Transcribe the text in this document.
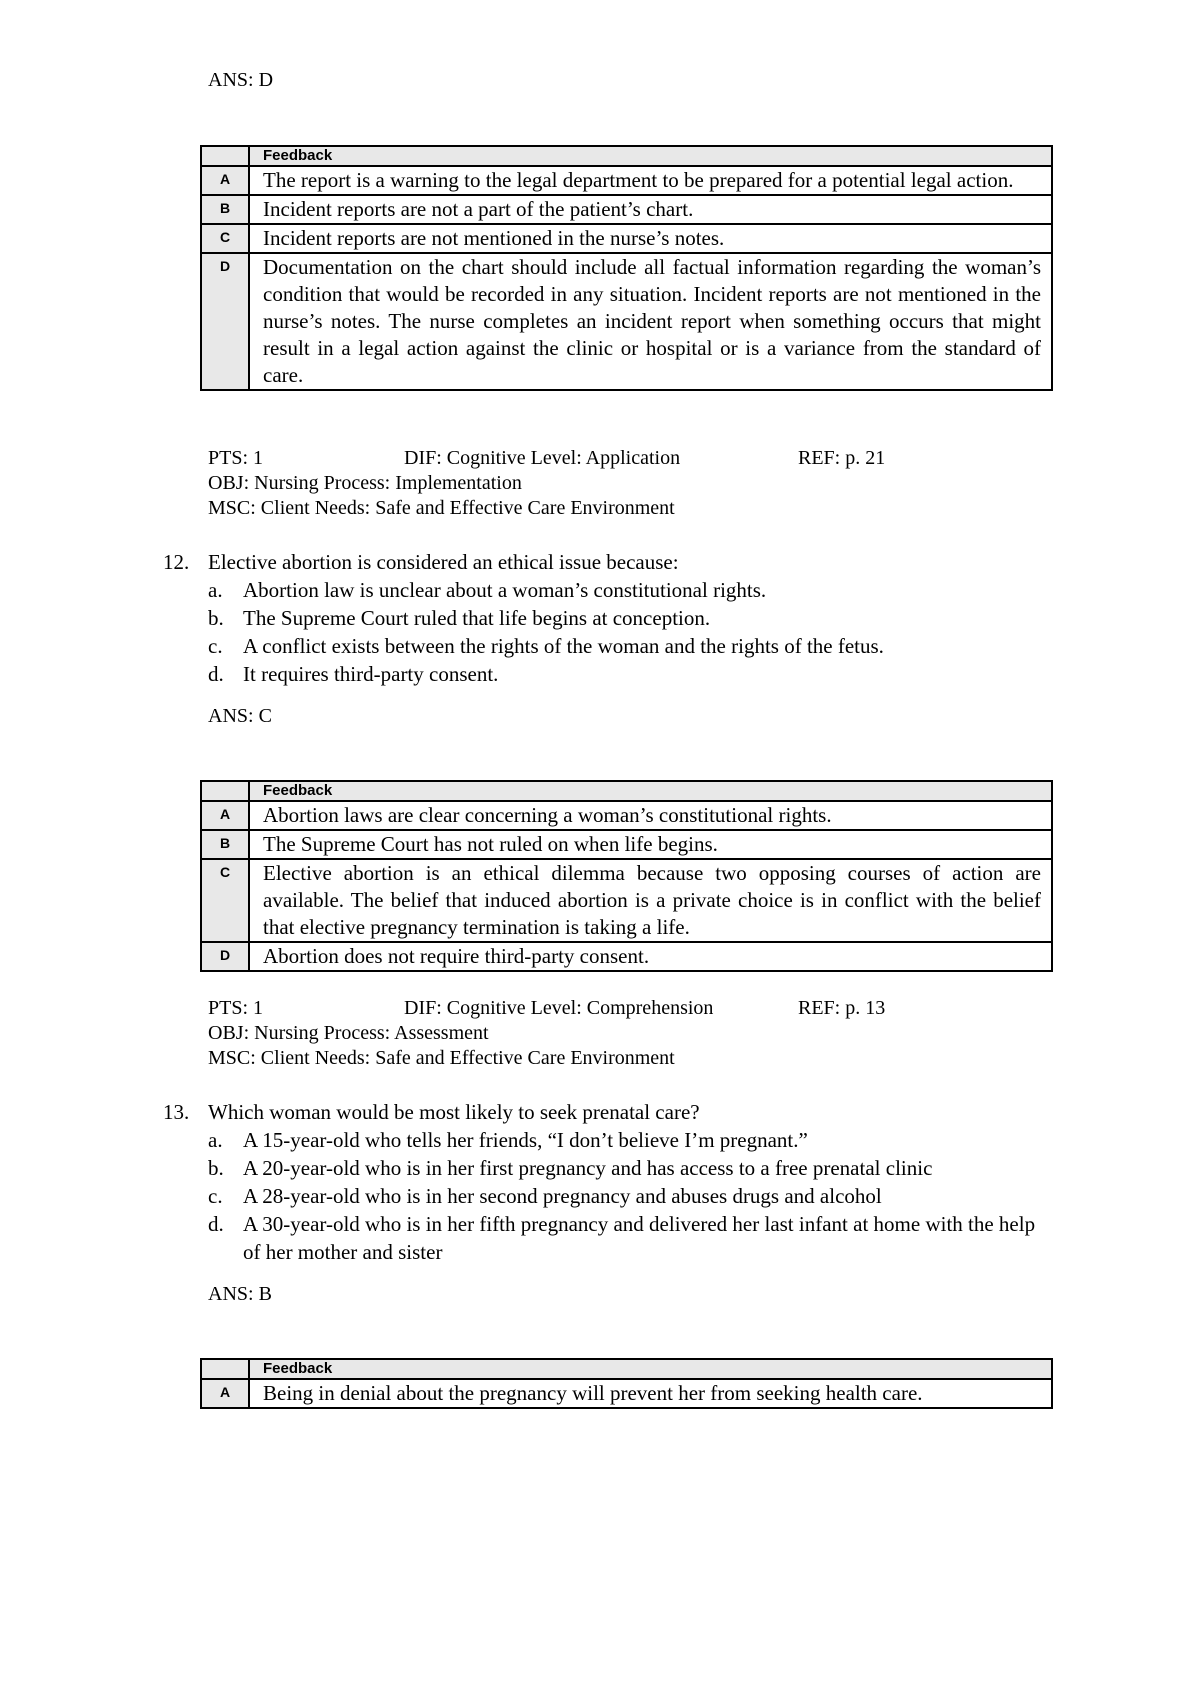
ANS: D
	Feedback
A	The report is a warning to the legal department to be prepared for a potential legal action.
B	Incident reports are not a part of the patient’s chart.
C	Incident reports are not mentioned in the nurse’s notes.
D	Documentation on the chart should include all factual information regarding the woman’s condition that would be recorded in any situation. Incident reports are not mentioned in the nurse’s notes. The nurse completes an incident report when something occurs that might result in a legal action against the clinic or hospital or is a variance from the standard of care.
PTS: 1	DIF: Cognitive Level: Application	REF: p. 21
OBJ: Nursing Process: Implementation
MSC: Client Needs: Safe and Effective Care Environment
12. Elective abortion is considered an ethical issue because:
a. Abortion law is unclear about a woman’s constitutional rights.
b. The Supreme Court ruled that life begins at conception.
c. A conflict exists between the rights of the woman and the rights of the fetus.
d. It requires third-party consent.
ANS: C
	Feedback
A	Abortion laws are clear concerning a woman’s constitutional rights.
B	The Supreme Court has not ruled on when life begins.
C	Elective abortion is an ethical dilemma because two opposing courses of action are available. The belief that induced abortion is a private choice is in conflict with the belief that elective pregnancy termination is taking a life.
D	Abortion does not require third-party consent.
PTS: 1	DIF: Cognitive Level: Comprehension	REF: p. 13
OBJ: Nursing Process: Assessment
MSC: Client Needs: Safe and Effective Care Environment
13. Which woman would be most likely to seek prenatal care?
a. A 15-year-old who tells her friends, “I don’t believe I’m pregnant.”
b. A 20-year-old who is in her first pregnancy and has access to a free prenatal clinic
c. A 28-year-old who is in her second pregnancy and abuses drugs and alcohol
d. A 30-year-old who is in her fifth pregnancy and delivered her last infant at home with the help of her mother and sister
ANS: B
	Feedback
A	Being in denial about the pregnancy will prevent her from seeking health care.
